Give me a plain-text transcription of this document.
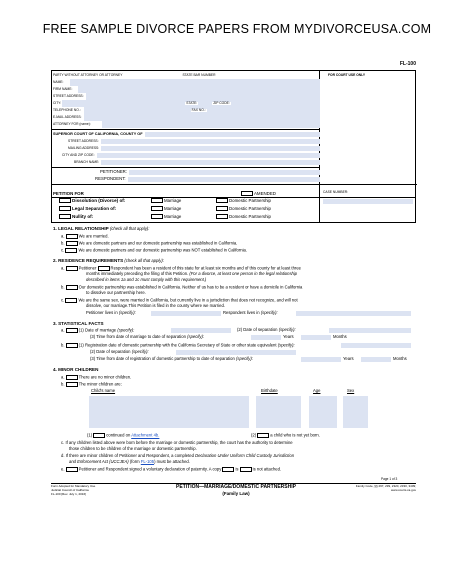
FREE SAMPLE DIVORCE PAPERS FROM MYDIVORCEUSA.COM
FL-100
PARTY WITHOUT ATTORNEY OR ATTORNEY	STATE BAR NUMBER
NAME:
FIRM NAME:
STREET ADDRESS:
CITY:	STATE:	ZIP CODE:
TELEPHONE NO.:	FAX NO.:
E-MAIL ADDRESS:
ATTORNEY FOR (name):
SUPERIOR COURT OF CALIFORNIA, COUNTY OF
STREET ADDRESS:
MAILING ADDRESS:
CITY AND ZIP CODE:
BRANCH NAME:
PETITIONER:
RESPONDENT:
FOR COURT USE ONLY
PETITION FOR	AMENDED	CASE NUMBER:
Dissolution (Divorce) of:	Marriage	Domestic Partnership
Legal Separation of:	Marriage	Domestic Partnership
Nullity of:	Marriage	Domestic Partnership
1. LEGAL RELATIONSHIP (check all that apply):
a.	We are married.
b.	We are domestic partners and our domestic partnership was established in California.
c.	We are domestic partners and our domestic partnership was NOT established in California.
2. RESIDENCE REQUIREMENTS (check all that apply):
a.	Petitioner	Respondent has been a resident of this state for at least six months and of this county for at least three
months immediately preceding the filing of this Petition. (For a divorce, at least one person in the legal relationship
described in items 1a and 1c must comply with this requirement.)
b.	Our domestic partnership was established in California. Neither of us has to be a resident or have a domicile in California
to dissolve our partnership here.
c.	We are the same sex, were married in California, but currently live in a jurisdiction that does not recognize, and will not
dissolve, our marriage.This Petition is filed in the county where we married.
Petitioner lives in (specify):	Respondent lives in (specify):
3. STATISTICAL FACTS
a.	(1) Date of marriage (specify):	(2) Date of separation (specify):
(3) Time from date of marriage to date of separation (specify):	Years	Months
b.	(1) Registration date of domestic partnership with the California Secretary of State or other state equivalent (specify):
(2) Date of separation (specify):
(3) Time from date of registration of domestic partnership to date of separation (specify):	Years	Months
4. MINOR CHILDREN
a.	There are no minor children.
b.	The minor children are:
Child's name	Birthdate	Age	Sex
(1)	continued on Attachment 4b.	(2)	a child who is not yet born.
c. If any children listed above were born before the marriage or domestic partnership, the court has the authority to determine
those children to be children of the marriage or domestic partnership.
d. If there are minor children of Petitioner and Respondent, a completed Declaration Under Uniform Child Custody Jurisdiction
and Enforcement Act (UCCJEA) (form FL-105) must be attached.
e.	Petitioner and Respondent signed a voluntary declaration of paternity. A copy	is	is not attached.
Page 1 of 3
Form Adopted for Mandatory Use
Judicial Council of California
FL-100 [Rev. July 1, 2016]
PETITION—MARRIAGE/DOMESTIC PARTNERSHIP
(Family Law)
Family Code, §§ 297, 299, 2320, 2330, 3409;
www.courts.ca.gov
